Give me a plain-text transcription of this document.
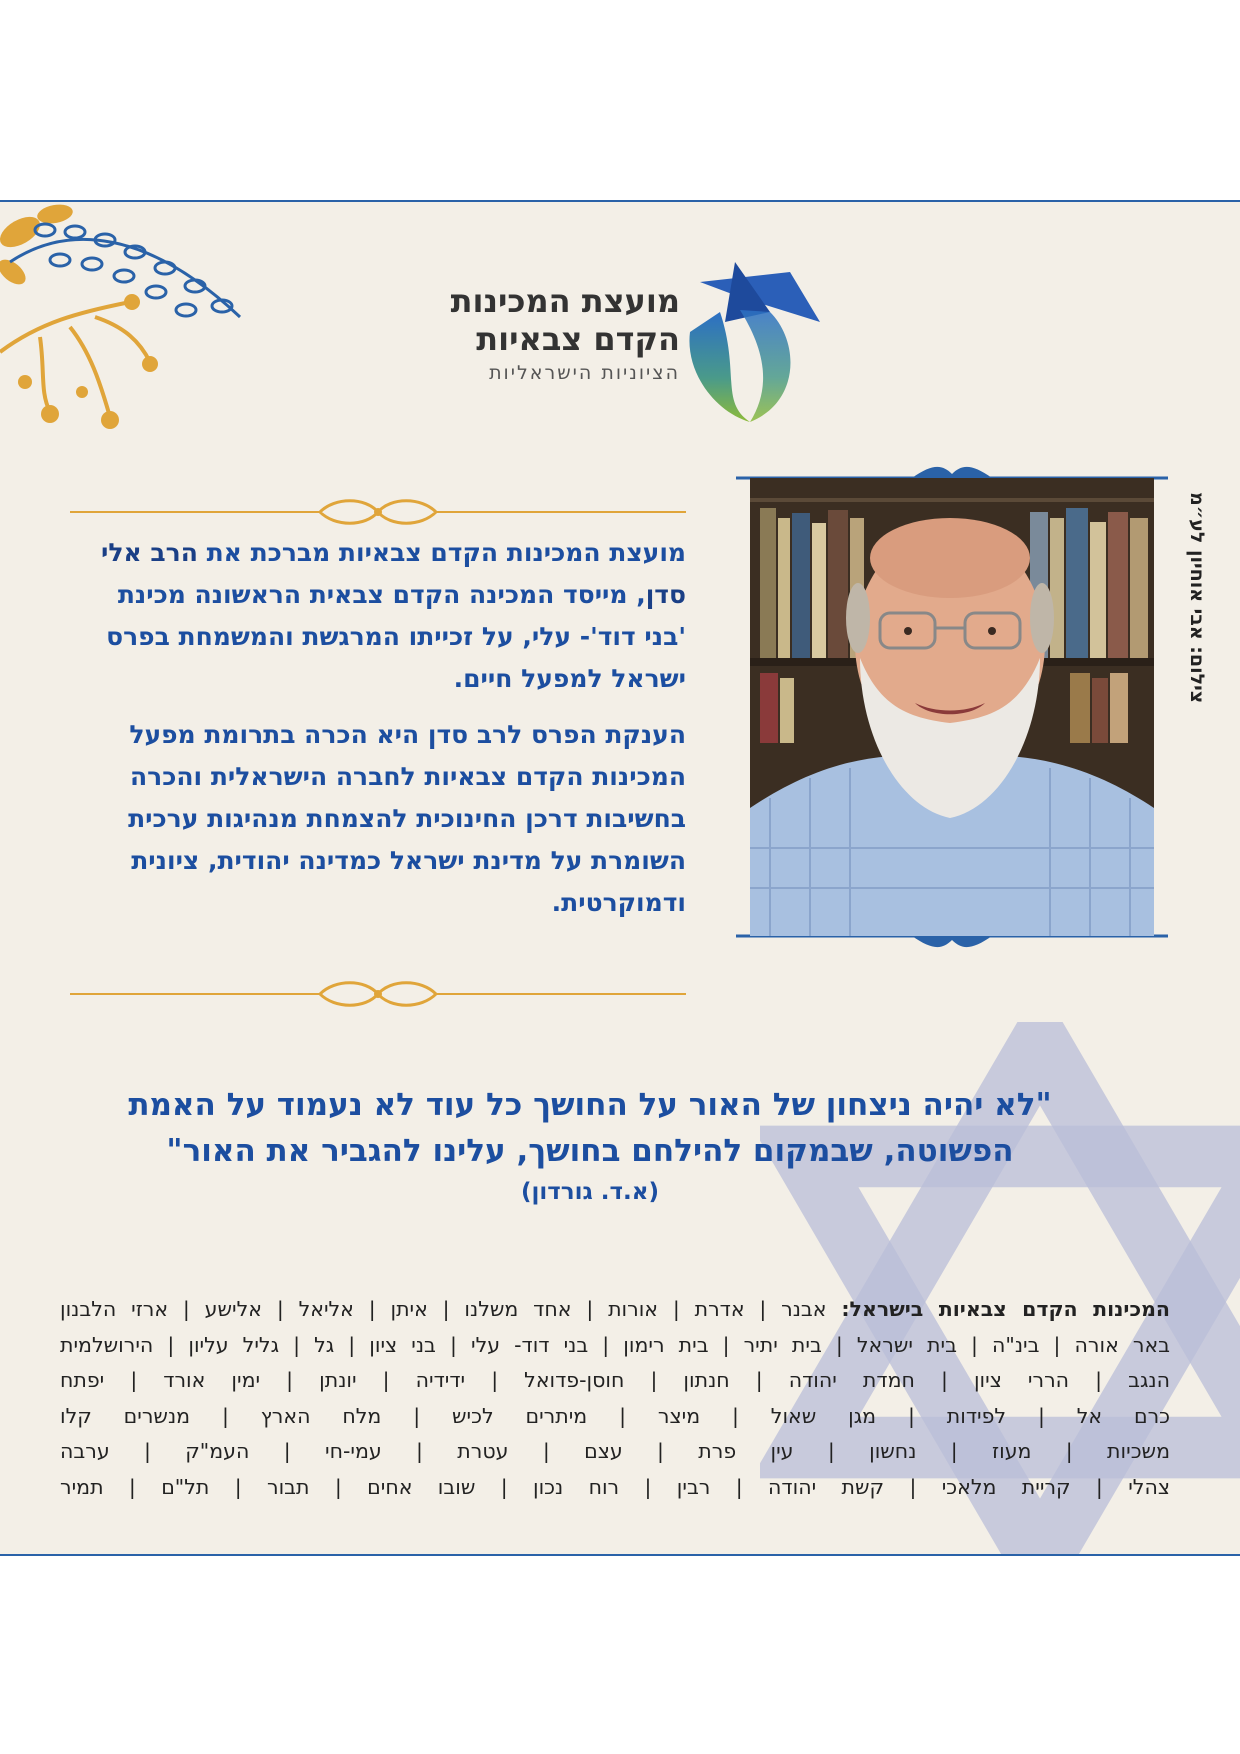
מועצת המכינות
הקדם צבאיות
הציוניות הישראליות

מועצת המכינות הקדם צבאיות מברכת את הרב אלי סדן, מייסד המכינה הקדם צבאית הראשונה מכינת 'בני דוד'- עלי, על זכייתו המרגשת והמשמחת בפרס ישראל למפעל חיים.

הענקת הפרס לרב סדן היא הכרה בתרומת מפעל המכינות הקדם צבאיות לחברה הישראלית והכרה בחשיבות דרכן החינוכית להצמחת מנהיגות ערכית השומרת על מדינת ישראל כמדינה יהודית, ציונית ודמוקרטית.

צילום: אבי אוחיון לע״מ
"לא יהיה ניצחון של האור על החושך כל עוד לא נעמוד על האמת
הפשוטה, שבמקום להילחם בחושך, עלינו להגביר את האור"
(א.ד. גורדון)
המכינות הקדם צבאיות בישראל: אבנר | אדרת | אורות | אחד משלנו | איתן | אליאל | אלישע | ארזי הלבנון
באר אורה | בינ"ה | בית ישראל | בית יתיר | בית רימון | בני דוד- עלי | בני ציון | גל | גליל עליון | הירושלמית
הנגב | הררי ציון | חמדת יהודה | חנתון | חוסן-פדואל | ידידיה | יונתן | ימין אורד | יפתח
כרם אל | לפידות | מגן שאול | מיצר | מיתרים לכיש | מלח הארץ | מנשרים קלו
משכיות | מעוז | נחשון | עין פרת | עצם | עטרת | עמי-חי | העמ"ק | ערבה
צהלי | קריית מלאכי | קשת יהודה | רבין | רוח נכון | שובו אחים | תבור | תל"ם | תמיר
